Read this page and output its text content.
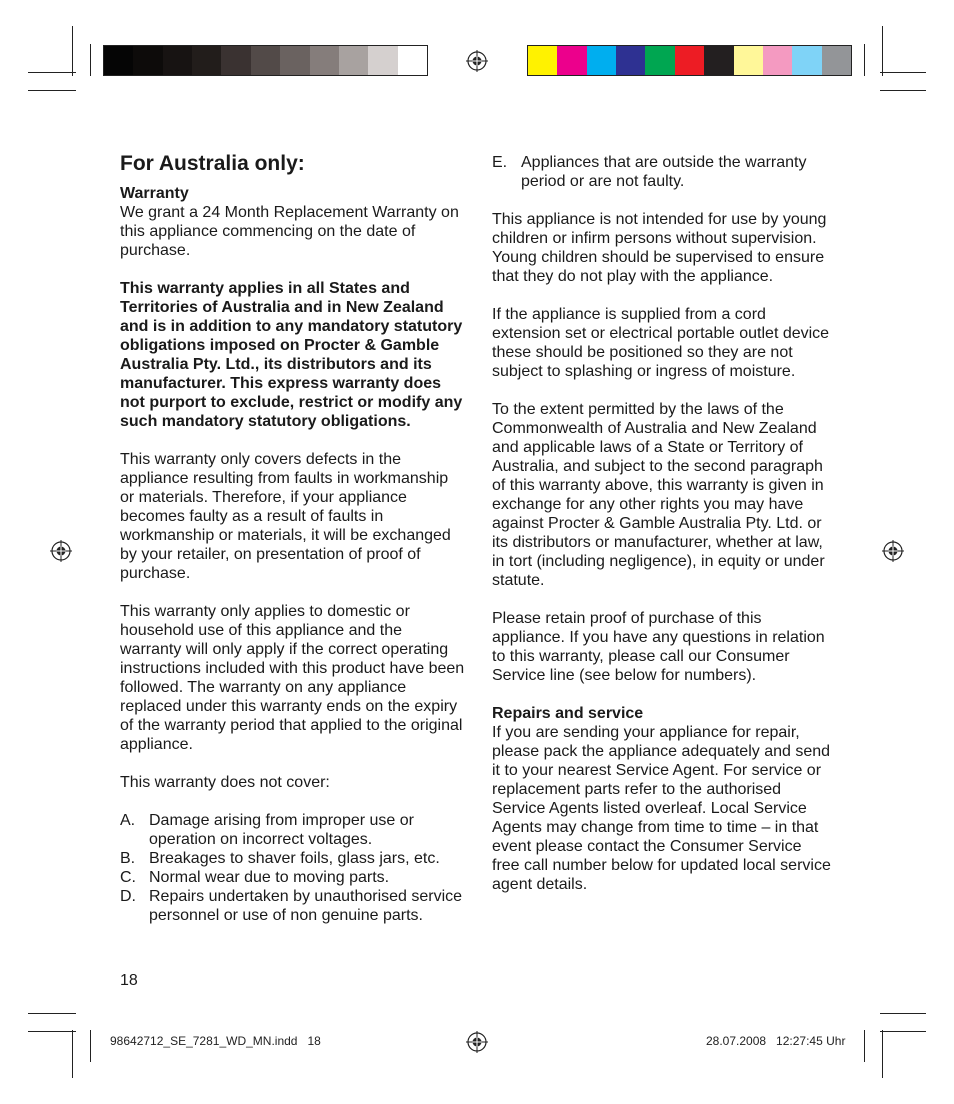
For Australia only:

Warranty
We grant a 24 Month Replacement Warranty on this appliance commencing on the date of purchase.

This warranty applies in all States and Territories of Australia and in New Zealand and is in addition to any mandatory statutory obligations imposed on Procter & Gamble Australia Pty. Ltd., its distributors and its manufacturer. This express warranty does not purport to exclude, restrict or modify any such mandatory statutory obligations.

This warranty only covers defects in the appliance resulting from faults in workmanship or materials. Therefore, if your appliance becomes faulty as a result of faults in workmanship or materials, it will be exchanged by your retailer, on presentation of proof of purchase.

This warranty only applies to domestic or household use of this appliance and the warranty will only apply if the correct operating instructions included with this product have been followed. The warranty on any appliance replaced under this warranty ends on the expiry of the warranty period that applied to the original appliance.

This warranty does not cover:

A. Damage arising from improper use or operation on incorrect voltages.
B. Breakages to shaver foils, glass jars, etc.
C. Normal wear due to moving parts.
D. Repairs undertaken by unauthorised service personnel or use of non genuine parts.
E. Appliances that are outside the warranty period or are not faulty.

This appliance is not intended for use by young children or infirm persons without supervision. Young children should be supervised to ensure that they do not play with the appliance.

If the appliance is supplied from a cord extension set or electrical portable outlet device these should be positioned so they are not subject to splashing or ingress of moisture.

To the extent permitted by the laws of the Commonwealth of Australia and New Zealand and applicable laws of a State or Territory of Australia, and subject to the second paragraph of this warranty above, this warranty is given in exchange for any other rights you may have against Procter & Gamble Australia Pty. Ltd. or its distributors or manufacturer, whether at law, in tort (including negligence), in equity or under statute.

Please retain proof of purchase of this appliance. If you have any questions in relation to this warranty, please call our Consumer Service line (see below for numbers).

Repairs and service
If you are sending your appliance for repair, please pack the appliance adequately and send it to your nearest Service Agent. For service or replacement parts refer to the authorised Service Agents listed overleaf. Local Service Agents may change from time to time – in that event please contact the Consumer Service free call number below for updated local service agent details.

18
98642712_SE_7281_WD_MN.indd   18	28.07.2008   12:27:45 Uhr
